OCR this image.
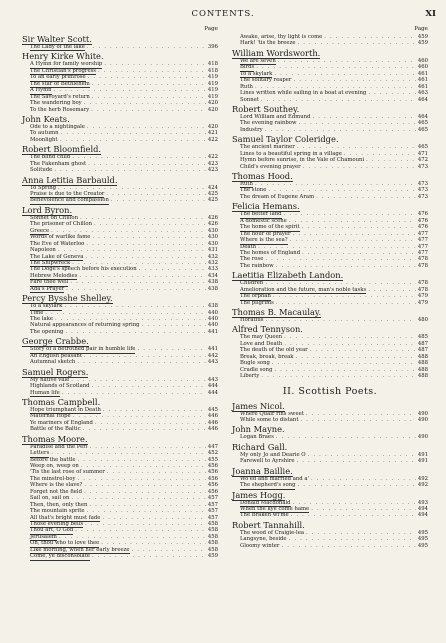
CONTENTS.	XI
Page
Sir Walter Scott.
The Lady of the lake . . .	396
Henry Kirke White.
A Hymn for family worship . . .	418
The Christian's progress . . .	418
To an early primrose . . .	419
The star of Bethlehem . . .	419
A Hymn . . .	419
The Savoyard's return . . .	419
The wandering boy . . .	420
To the herb Rosemary . . .	420
John Keats.
Ode to a nightingale . . .	420
To autumn . . .	421
Moonlight . . .	422
Robert Bloomfield.
The blind child . . .	422
The Fakenham ghost . . .	423
Solitude . . .	423
Anna Letitia Barbauld.
To Spring . . .	424
Praise is due to the Creator . . .	425
Benevolence and compassion . . .	425
Lord Byron.
Sonnet on Chillon . . .	426
The prisoner of Chillon . . .	426
Greece . . .	430
Words of warlike fame . . .	430
The Eve of Waterloo . . .	430
Napoleon . . .	431
The Lake of Geneva . . .	432
The Shipwreck . . .	432
The Doge's speech before his execution . . .	433
Hebrew Melodies . . .	434
Fare thee well . . .	438
Ada's Prayer . . .	438
Percy Bysshe Shelley.
To a skylark . . .	438
Time . . .	440
The lake . . .	440
Natural appearances of returning spring . . .	440
The opening . . .	441
George Crabbe.
Story of a betrothed pair in humble life . . .	441
An English peasant . . .	442
Autumnal sketch . . .	443
Samuel Rogers.
My native vale . . .	443
Highlands of Scotland . . .	444
Human life . . .	444
Thomas Campbell.
Hope triumphant in Death . . .	445
Maternal Hope . . .	446
Ye mariners of England . . .	446
Battle of the Baltic . . .	446
Thomas Moore.
Paradise and the Peri . . .	447
Letters . . .	452
Before the battle . . .	455
Weep on, weep on . . .	456
'Tis the last rose of summer . . .	456
The minstrel-boy . . .	456
Where is the slave? . . .	456
Forget not the field . . .	456
Sail on, sail on . . .	457
Then, then, only then . . .	457
The mountain sprite . . .	457
All that's bright must fade . . .	457
Those evening bells . . .	458
Thou art, O God . . .	458
Jerusalem . . .	458
Oh, thou who to love thee . . .	458
Like morning, when her early breeze . . .	458
Come, ye disconsolate . . .	459
Page
Awake, arise, thy light is come . . .	459
Hark! 'tis the breeze . . .	459
William Wordsworth.
We are seven . . .	460
Birds . . .	460
To a skylark . . .	461
The solitary reaper . . .	461
Ruth . . .	461
Lines written while sailing in a boat at evening . . .	463
Sonnet . . .	464
Robert Southey.
Lord William and Edmund . . .	464
The evening rainbow . . .	465
Industry . . .	465
Samuel Taylor Coleridge.
The ancient mariner . . .	465
Lines to a beautiful spring in a village . . .	471
Hymn before sunrise, in the Vale of Chamouni . . .	472
Child's evening prayer . . .	473
Thomas Hood.
Ruth . . .	473
The stone . . .	473
The dream of Eugene Aram . . .	473
Felicia Hemans.
The better land . . .	476
A domestic scene . . .	476
The home of the spirit . . .	476
The hour of prayer . . .	477
Where is the sea? . . .	477
Death . . .	477
The homes of England . . .	477
The rose . . .	478
The rainbow . . .	478
Laetitia Elizabeth Landon.
Children . . .	478
Amelioration and the future, man's noble tasks . . .	478
The orphan . . .	479
The pilgrims . . .	479
Thomas B. Macaulay.
Horatius . . .	480
Alfred Tennyson.
The may Queen . . .	485
Love and Death . . .	487
The death of the old year . . .	487
Break, break, break . . .	488
Bugle song . . .	488
Cradle song . . .	488
Liberty . . .	488
II. Scottish Poets.
James Nicol.
Where Quair rins sweet . . .	490
While some to distant . . .	490
John Mayne.
Logan Braes . . .	490
Richard Gall.
My only Jo and Dearie O . . .	491
Farewell to Ayrshire . . .	491
Joanna Baillie.
Wo'ed and married and a' . . .	492
The shepherd's song . . .	492
James Hogg.
Donald Macdonald . . .	493
When the kye come hame . . .	494
The Braken wi'me . . .	494
Robert Tannahill.
The wood of Craigie-lea . . .	495
Langsyne, beside . . .	495
Gloomy winter . . .	495
